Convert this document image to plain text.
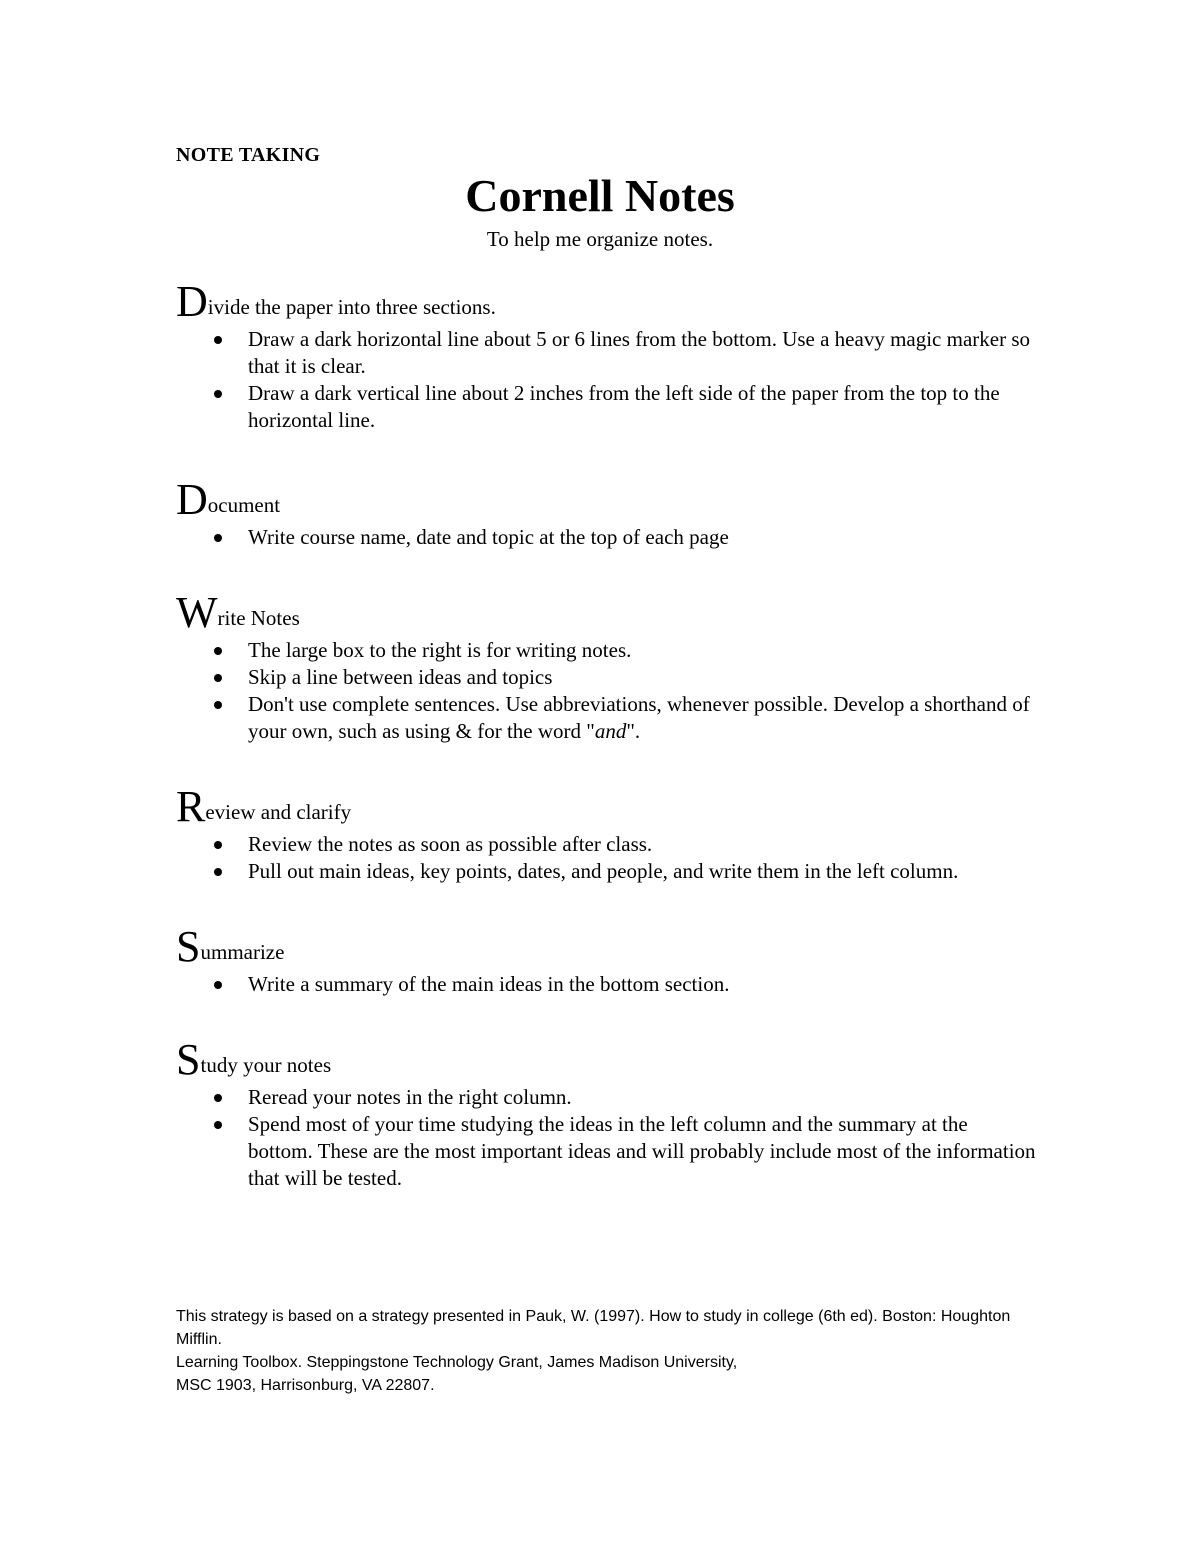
NOTE TAKING
Cornell Notes
To help me organize notes.
D ivide the paper into three sections.
Draw a dark horizontal line about 5 or 6 lines from the bottom. Use a heavy magic marker so that it is clear.
Draw a dark vertical line about 2 inches from the left side of the paper from the top to the horizontal line.
D ocument
Write course name, date and topic at the top of each page
W rite Notes
The large box to the right is for writing notes.
Skip a line between ideas and topics
Don't use complete sentences. Use abbreviations, whenever possible. Develop a shorthand of your own, such as using & for the word "and".
R eview and clarify
Review the notes as soon as possible after class.
Pull out main ideas, key points, dates, and people, and write them in the left column.
S ummarize
Write a summary of the main ideas in the bottom section.
S tudy your notes
Reread your notes in the right column.
Spend most of your time studying the ideas in the left column and the summary at the bottom. These are the most important ideas and will probably include most of the information that will be tested.
This strategy is based on a strategy presented in Pauk, W. (1997). How to study in college (6th ed). Boston: Houghton Mifflin.
Learning Toolbox. Steppingstone Technology Grant, James Madison University,
MSC 1903, Harrisonburg, VA 22807.
